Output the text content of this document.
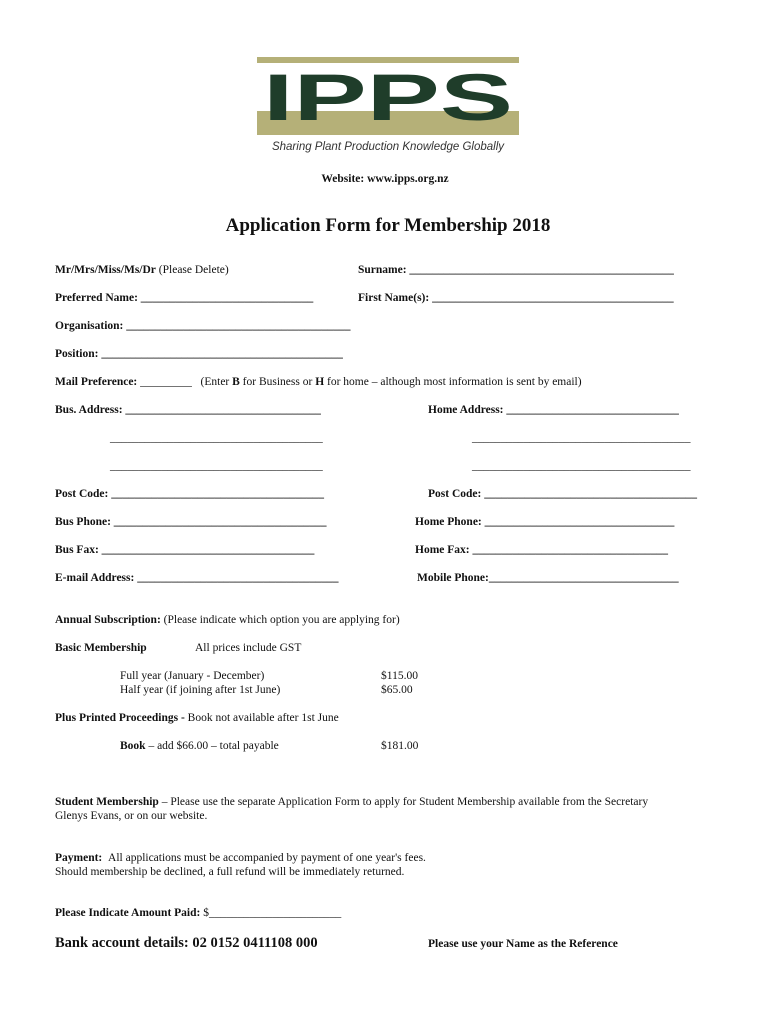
IPPS
Sharing Plant Production Knowledge Globally
Website: www.ipps.org.nz
Application Form for Membership 2018
Mr/Mrs/Miss/Ms/Dr (Please Delete)	Surname: ______________________________________________
Preferred Name: ______________________________	First Name(s): __________________________________________
Organisation: _______________________________________
Position: __________________________________________
Mail Preference: _________ (Enter B for Business or H for home – although most information is sent by email)
Bus. Address: __________________________________	Home Address: ______________________________
_____________________________________	______________________________________
_____________________________________	______________________________________
Post Code: _____________________________________	Post Code: _____________________________________
Bus Phone: _____________________________________	Home Phone: _________________________________
Bus Fax: _____________________________________	Home Fax: __________________________________
E-mail Address: ___________________________________	Mobile Phone:_________________________________
Annual Subscription: (Please indicate which option you are applying for)
Basic Membership	All prices include GST
Full year (January - December)	$115.00
Half year (if joining after 1st June)	$65.00
Plus Printed Proceedings - Book not available after 1st June
Book – add $66.00 – total payable	$181.00
Student Membership – Please use the separate Application Form to apply for Student Membership available from the Secretary
Glenys Evans, or on our website.
Payment: All applications must be accompanied by payment of one year's fees.
Should membership be declined, a full refund will be immediately returned.
Please Indicate Amount Paid: $_______________________
Bank account details: 02 0152 0411108 000	Please use your Name as the Reference
